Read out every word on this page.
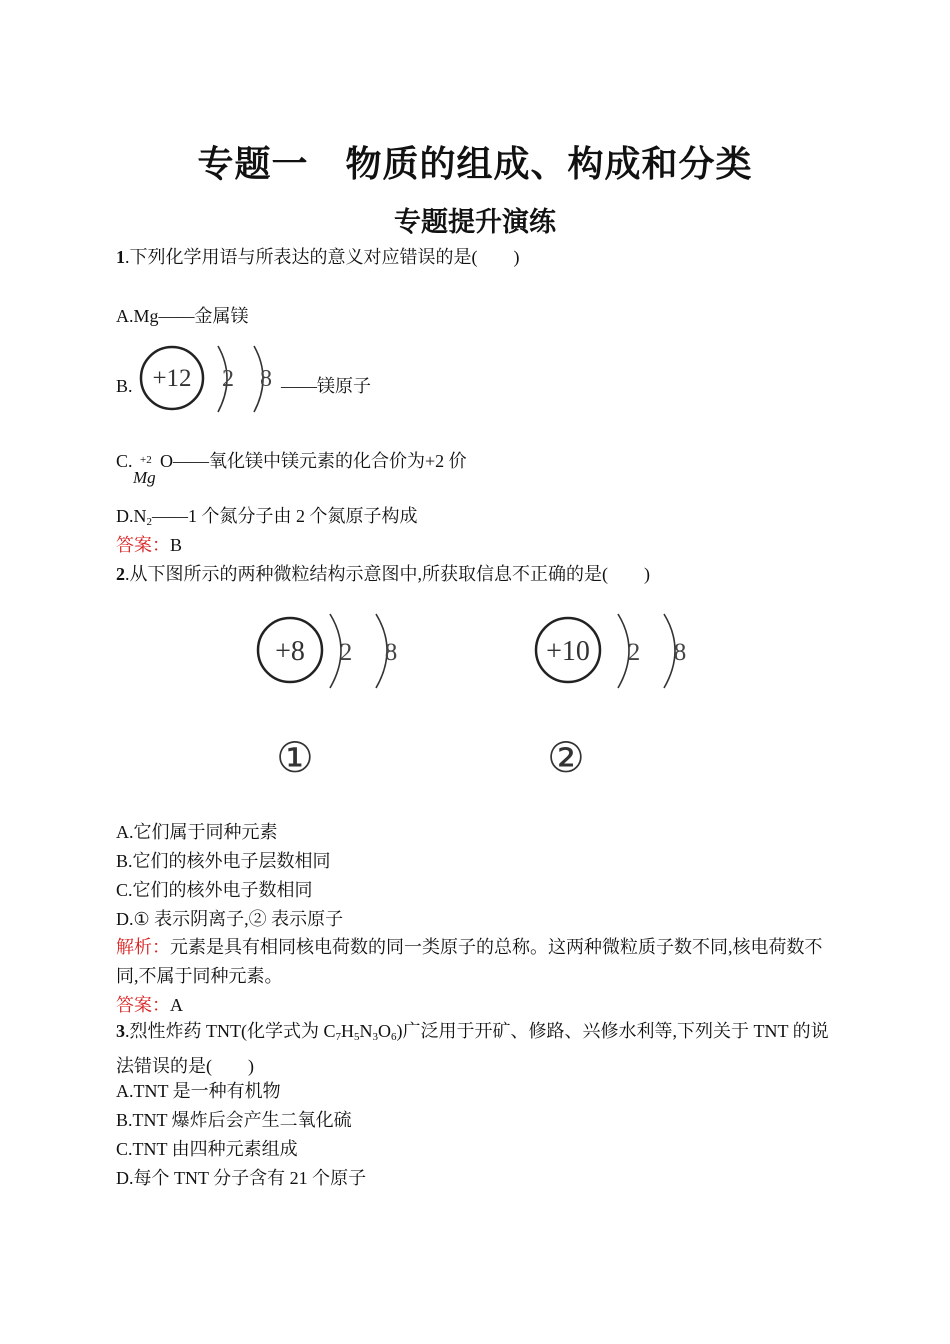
专题一　物质的组成、构成和分类
专题提升演练
1.下列化学用语与所表达的意义对应错误的是(　　)
A.Mg——金属镁
B. +12 2 8 ——镁原子
C. +2
Mg
O——氧化镁中镁元素的化合价为+2 价
$D.N_2——1$ 个氮分子由 2 个氮原子构成
答案：B
2.从下图所示的两种微粒结构示意图中,所获取信息不正确的是(　　)
+8 2 8
①
+10 2 8
②
A.它们属于同种元素
B.它们的核外电子层数相同
C.它们的核外电子数相同
D.① 表示阴离子,② 表示原子
解析：元素是具有相同核电荷数的同一类原子的总称。这两种微粒质子数不同,核电荷数不同,不属于同种元素。
答案：A
3.烈性炸药 TNT(化学式为 $C_7H_5N_3O_6$)广泛用于开矿、修路、兴修水利等,下列关于 TNT 的说法错误的是(　　)
A.TNT 是一种有机物
B.TNT 爆炸后会产生二氧化硫
C.TNT 由四种元素组成
D.每个 TNT 分子含有 21 个原子
